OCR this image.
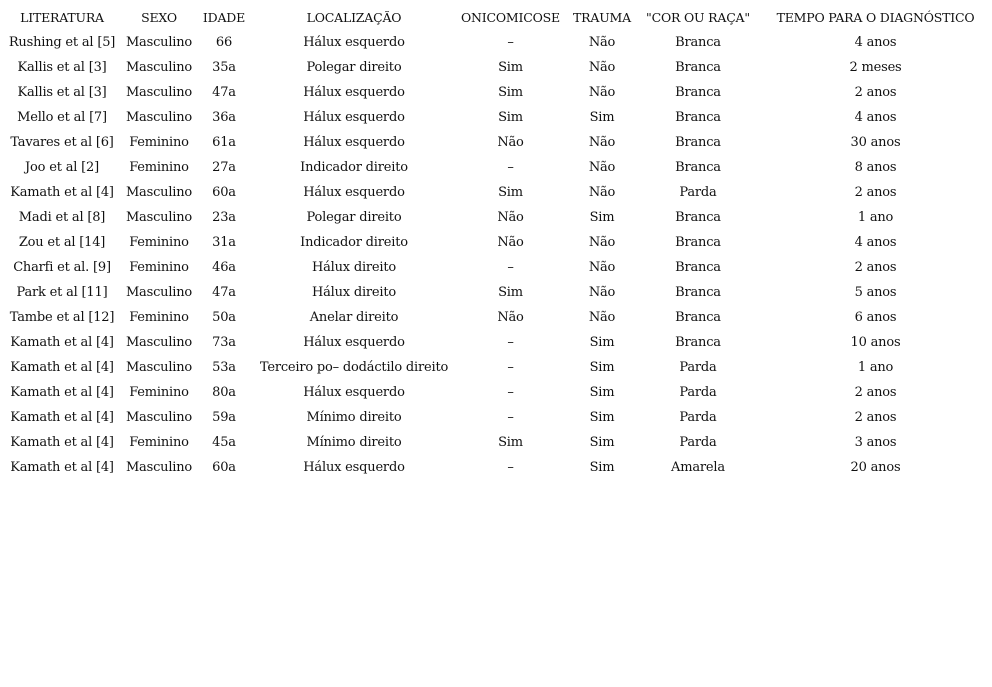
LITERATURA	SEXO	IDADE	LOCALIZAÇÃO	ONICOMICOSE	TRAUMA	"COR OU RAÇA"	TEMPO PARA O DIAGNÓSTICO
Rushing et al [5]	Masculino	66	Hálux esquerdo	–	Não	Branca	4 anos
Kallis et al [3]	Masculino	35a	Polegar direito	Sim	Não	Branca	2 meses
Kallis et al [3]	Masculino	47a	Hálux esquerdo	Sim	Não	Branca	2 anos
Mello et al [7]	Masculino	36a	Hálux esquerdo	Sim	Sim	Branca	4 anos
Tavares et al [6]	Feminino	61a	Hálux esquerdo	Não	Não	Branca	30 anos
Joo et al [2]	Feminino	27a	Indicador direito	–	Não	Branca	8 anos
Kamath et al [4]	Masculino	60a	Hálux esquerdo	Sim	Não	Parda	2 anos
Madi et al [8]	Masculino	23a	Polegar direito	Não	Sim	Branca	1 ano
Zou et al [14]	Feminino	31a	Indicador direito	Não	Não	Branca	4 anos
Charfi et al. [9]	Feminino	46a	Hálux direito	–	Não	Branca	2 anos
Park et al [11]	Masculino	47a	Hálux direito	Sim	Não	Branca	5 anos
Tambe et al [12]	Feminino	50a	Anelar direito	Não	Não	Branca	6 anos
Kamath et al [4]	Masculino	73a	Hálux esquerdo	–	Sim	Branca	10 anos
Kamath et al [4]	Masculino	53a	Terceiro po– dodáctilo direito	–	Sim	Parda	1 ano
Kamath et al [4]	Feminino	80a	Hálux esquerdo	–	Sim	Parda	2 anos
Kamath et al [4]	Masculino	59a	Mínimo direito	–	Sim	Parda	2 anos
Kamath et al [4]	Feminino	45a	Mínimo direito	Sim	Sim	Parda	3 anos
Kamath et al [4]	Masculino	60a	Hálux esquerdo	–	Sim	Amarela	20 anos
